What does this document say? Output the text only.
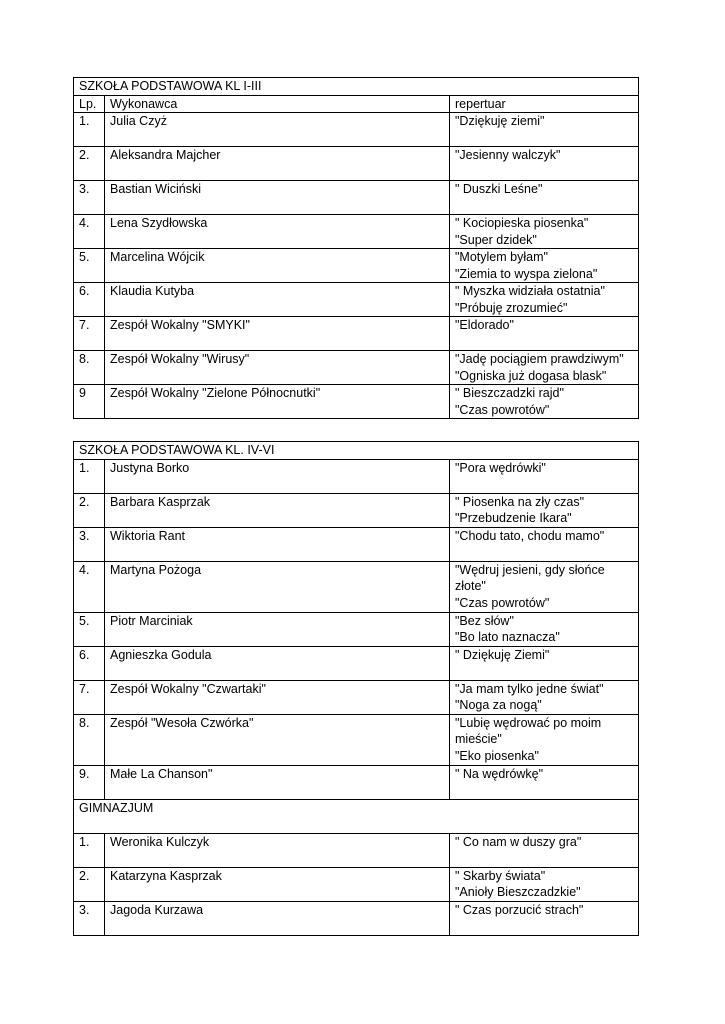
SZKOŁA PODSTAWOWA KL I-III		
Lp.	Wykonawca	repertuar
1.	Julia Czyż	"Dziękuję ziemi"

2.	Aleksandra Majcher	"Jesienny walczyk"

3.	Bastian Wiciński	" Duszki Leśne"

4.	Lena Szydłowska	" Kociopieska piosenka"
"Super dzidek"

5.	Marcelina Wójcik	"Motylem byłam"
"Ziemia to wyspa zielona"

6.	Klaudia Kutyba	" Myszka widziała ostatnia"
"Próbuję zrozumieć"

7.	Zespół Wokalny "SMYKI"	"Eldorado"

8.	Zespół Wokalny "Wirusy"	"Jadę pociągiem prawdziwym"
"Ogniska już dogasa blask"

9	Zespół Wokalny "Zielone Północnutki"	" Bieszczadzki rajd"
"Czas powrotów"
SZKOŁA PODSTAWOWA KL. IV-VI		
1.	Justyna Borko	"Pora wędrówki"

2.	Barbara Kasprzak	" Piosenka na zły czas"
"Przebudzenie Ikara"

3.	Wiktoria Rant	"Chodu tato, chodu mamo"

4.	Martyna Pożoga	"Wędruj jesieni, gdy słońce złote"
"Czas powrotów"

5.	Piotr Marciniak	"Bez słów"
"Bo lato naznacza"

6.	Agnieszka Godula	" Dziękuję Ziemi"

7.	Zespół Wokalny "Czwartaki"	"Ja mam tylko jedne świat"
"Noga za nogą"

8.	Zespół "Wesoła Czwórka"	"Lubię wędrować po moim mieście"
"Eko piosenka"

9.	Małe La Chanson"	" Na wędrówkę"

GIMNAZJUM		
1.	Weronika Kulczyk	" Co nam w duszy gra"

2.	Katarzyna Kasprzak	" Skarby świata"
"Anioły Bieszczadzkie"

3.	Jagoda Kurzawa	" Czas porzucić strach"
